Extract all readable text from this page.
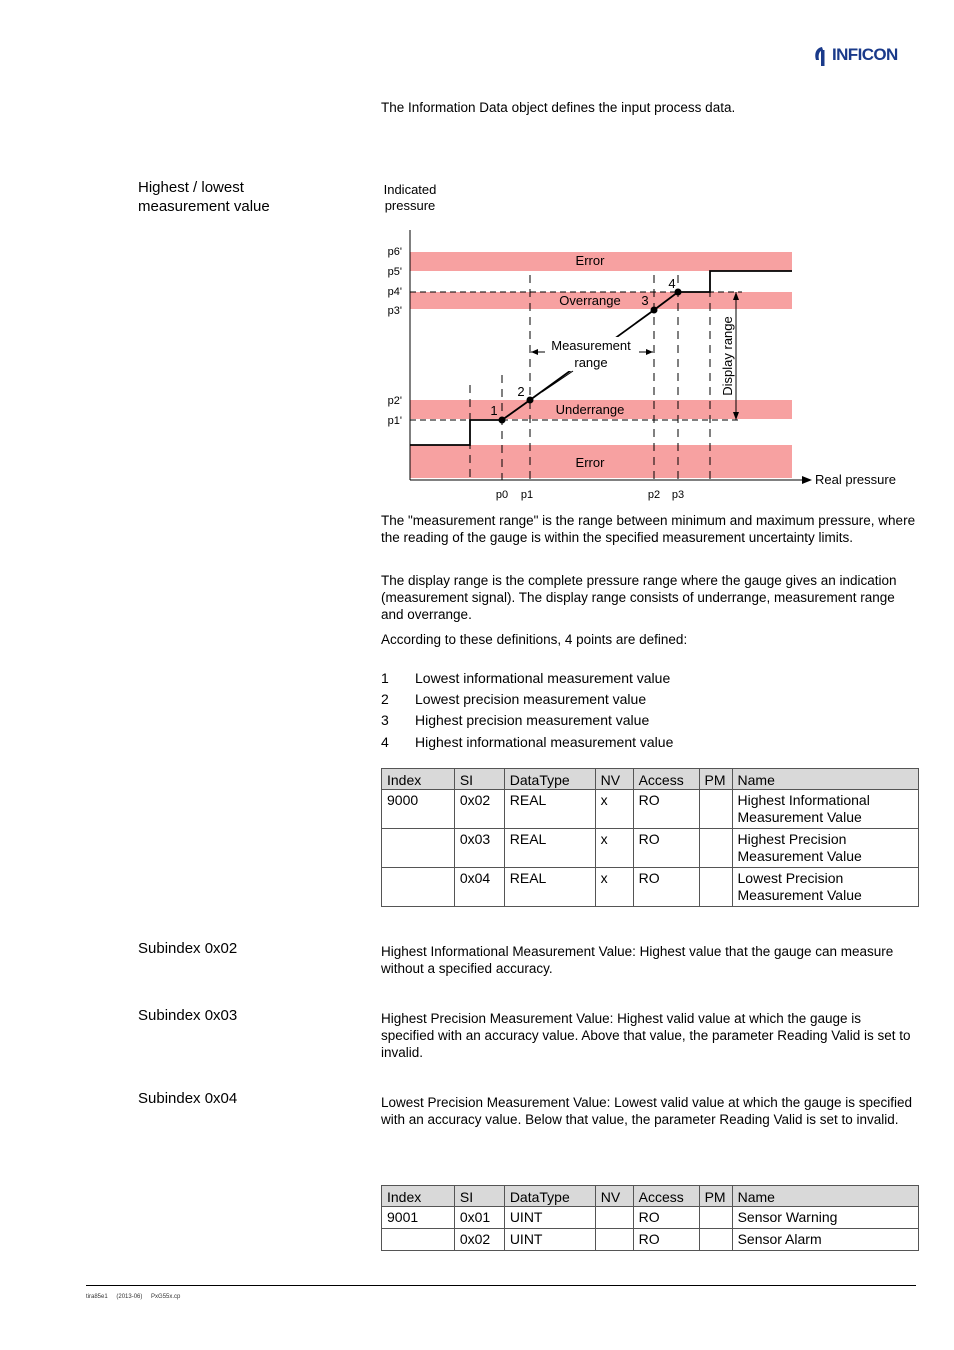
INFICON
The Information Data object defines the input process data.
Highest / lowest
measurement value
Indicated
pressure
Error
Overrange
Underrange
Error
Real pressure
p6'
p5'
p4'
p3'
p2'
p1'
p0 p1	p2 p3
1
2
3
4
Measurement
range	Display range
The "measurement range" is the range between minimum and maximum pressure, where the reading of the gauge is within the specified measurement uncertainty limits.
The display range is the complete pressure range where the gauge gives an indication (measurement signal). The display range consists of underrange, measurement range and overrange.
According to these definitions, 4 points are defined:
1 Lowest informational measurement value
2 Lowest precision measurement value
3 Highest precision measurement value
4 Highest informational measurement value
Index	SI	DataType	NV	Access	PM	Name
9000	0x02	REAL	x	RO		Highest Informational
Measurement Value
	0x03	REAL	x	RO		Highest Precision
Measurement Value
	0x04	REAL	x	RO		Lowest Precision
Measurement Value
Subindex 0x02	Highest Informational Measurement Value: Highest value that the gauge can measure without a specified accuracy.
Subindex 0x03	Highest Precision Measurement Value: Highest valid value at which the gauge is specified with an accuracy value. Above that value, the parameter Reading Valid is set to invalid.
Subindex 0x04	Lowest Precision Measurement Value: Lowest valid value at which the gauge is specified with an accuracy value. Below that value, the parameter Reading Valid is set to invalid.
Index	SI	DataType	NV	Access	PM	Name
9001	0x01	UINT		RO		Sensor Warning
	0x02	UINT		RO		Sensor Alarm
tira85e1 (2013-06) PxG55x.cp
